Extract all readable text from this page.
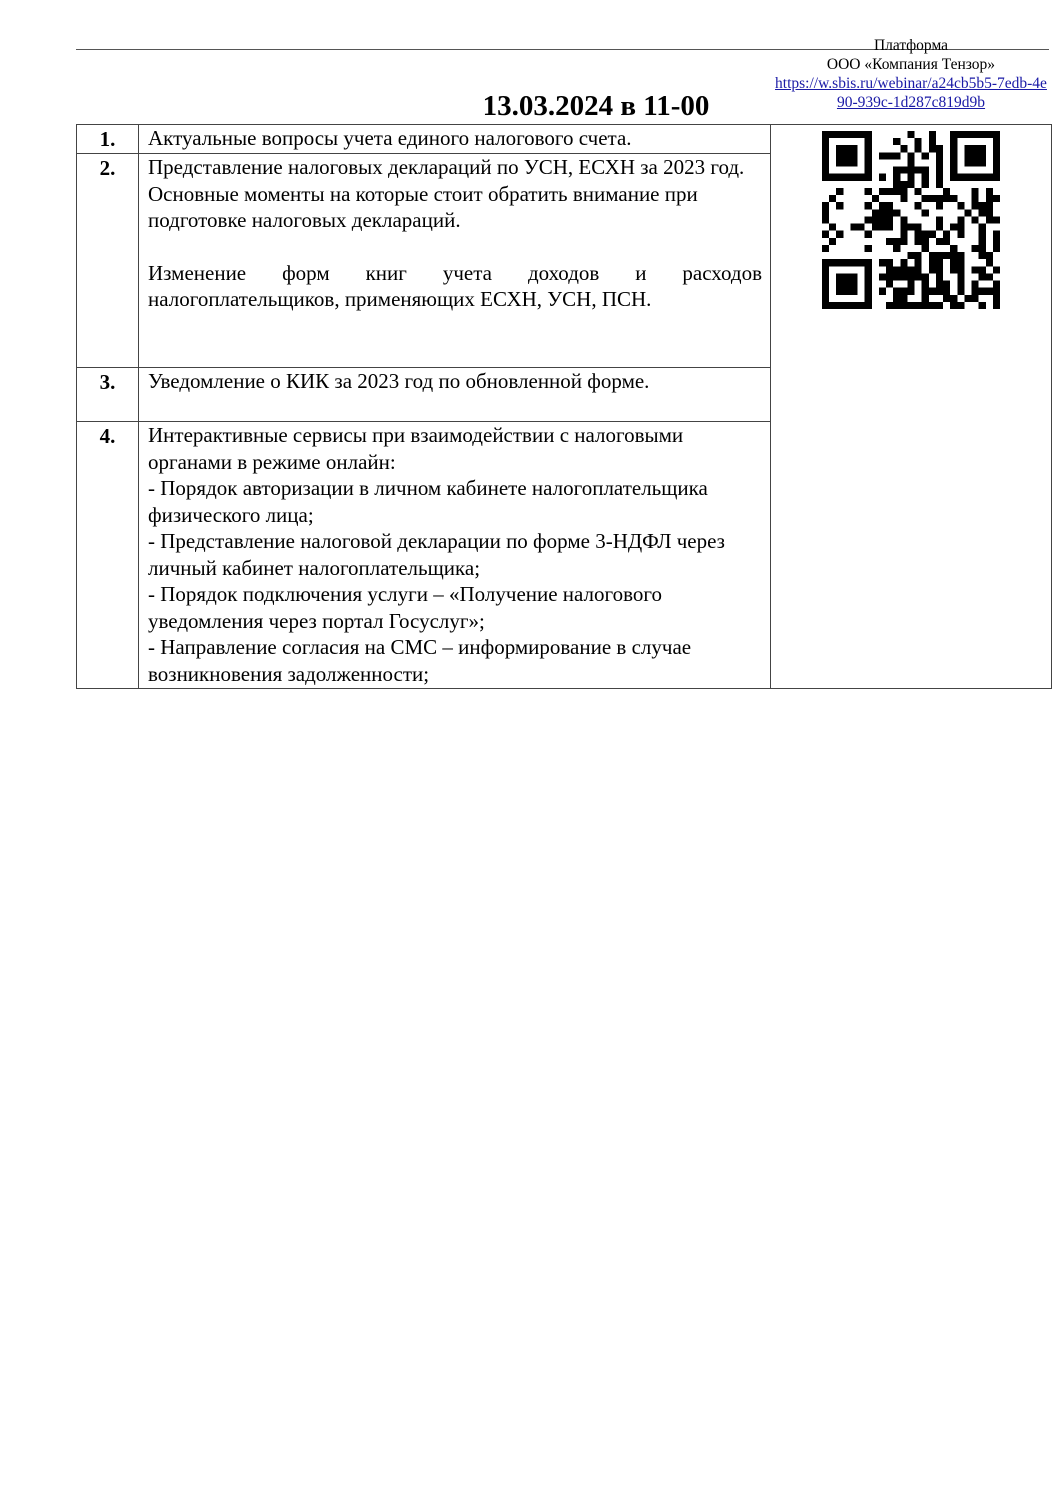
13.03.2024 в 11-00
1.	Актуальные вопросы учета единого налогового счета.	Платформа

ООО «Компания Тензор»

https://w.sbis.ru/webinar/a24cb5b5-7edb-4e90-939c-1d287c819d9b

2.	Представление налоговых деклараций по УСН, ЕСХН за 2023 год.

Основные моменты на которые стоит обратить внимание при подготовке налоговых деклараций.

Изменение форм книг учета доходов и расходов налогоплательщиков, применяющих ЕСХН, УСН, ПСН.	

3.	Уведомление о КИК за 2023 год по обновленной форме.	

4.	Интерактивные сервисы при взаимодействии с налоговыми органами в режиме онлайн:

- Порядок авторизации в личном кабинете налогоплательщика физического лица;

- Представление налоговой декларации по форме 3-НДФЛ через личный кабинет налогоплательщика;

- Порядок подключения услуги – «Получение налогового уведомления через портал Госуслуг»;

- Направление согласия на СМС – информирование в случае возникновения задолженности;	
